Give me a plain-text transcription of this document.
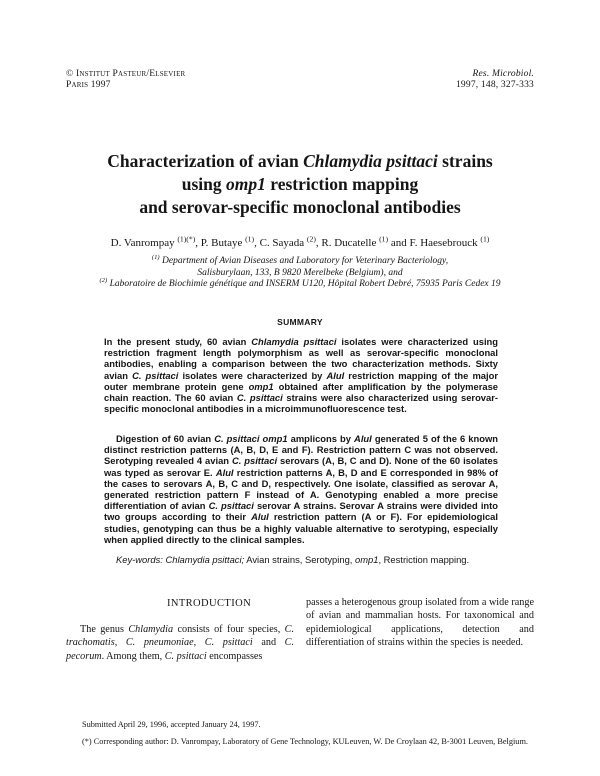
© Institut Pasteur/Elsevier
Paris 1997
Res. Microbiol.
1997, 148, 327-333
Characterization of avian Chlamydia psittaci strains
using omp1 restriction mapping
and serovar-specific monoclonal antibodies
D. Vanrompay $^{(1)(*)}$, P. Butaye $^{(1)}$, C. Sayada $^{(2)}$, R. Ducatelle $^{(1)}$ and F. Haesebrouck $^{(1)}$
$^{(1)}$ Department of Avian Diseases and Laboratory for Veterinary Bacteriology,
Salisburylaan, 133, B 9820 Merelbeke (Belgium), and
$^{(2)}$ Laboratoire de Biochimie génétique and INSERM U120, Hôpital Robert Debré, 75935 Paris Cedex 19
SUMMARY

In the present study, 60 avian Chlamydia psittaci isolates were characterized using restriction fragment length polymorphism as well as serovar-specific monoclonal antibodies, enabling a comparison between the two characterization methods. Sixty avian C. psittaci isolates were characterized by AluI restriction mapping of the major outer membrane protein gene omp1 obtained after amplification by the polymerase chain reaction. The 60 avian C. psittaci strains were also characterized using serovar-specific monoclonal antibodies in a microimmunofluorescence test.

Digestion of 60 avian C. psittaci omp1 amplicons by AluI generated 5 of the 6 known distinct restriction patterns (A, B, D, E and F). Restriction pattern C was not observed. Serotyping revealed 4 avian C. psittaci serovars (A, B, C and D). None of the 60 isolates was typed as serovar E. AluI restriction patterns A, B, D and E corresponded in 98% of the cases to serovars A, B, C and D, respectively. One isolate, classified as serovar A, generated restriction pattern F instead of A. Genotyping enabled a more precise differentiation of avian C. psittaci serovar A strains. Serovar A strains were divided into two groups according to their AluI restriction pattern (A or F). For epidemiological studies, genotyping can thus be a highly valuable alternative to serotyping, especially when applied directly to the clinical samples.

Key-words: Chlamydia psittaci; Avian strains, Serotyping, omp1, Restriction mapping.
INTRODUCTION

The genus Chlamydia consists of four species, C. trachomatis, C. pneumoniae, C. psittaci and C. pecorum. Among them, C. psittaci encompasses

passes a heterogenous group isolated from a wide range of avian and mammalian hosts. For taxonomical and epidemiological applications, detection and differentiation of strains within the species is needed.

Submitted April 29, 1996, accepted January 24, 1997.
(*) Corresponding author: D. Vanrompay, Laboratory of Gene Technology, KULeuven, W. De Croylaan 42, B-3001 Leuven, Belgium.
